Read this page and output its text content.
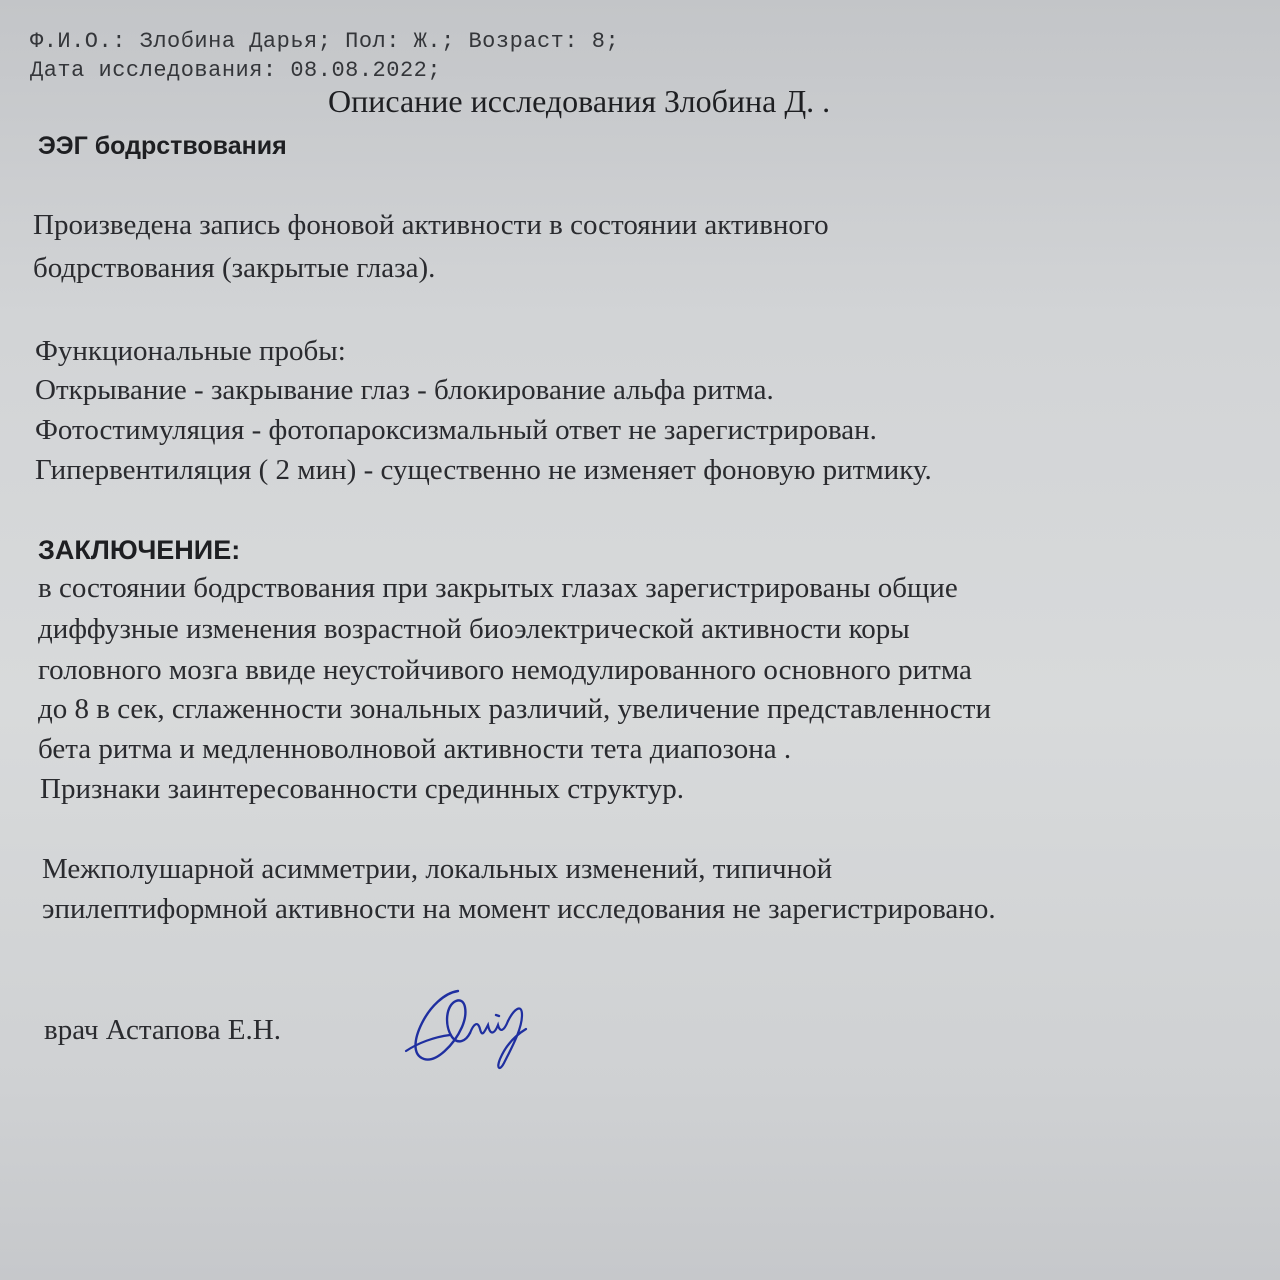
Ф.И.О.: Злобина Дарья; Пол: Ж.; Возраст: 8;
Дата исследования: 08.08.2022;
Описание исследования Злобина Д. .
ЭЭГ бодрствования
Произведена запись фоновой активности в состоянии активного
бодрствования (закрытые глаза).
Функциональные пробы:
Открывание - закрывание глаз - блокирование альфа ритма.
Фотостимуляция - фотопароксизмальный ответ не зарегистрирован.
Гипервентиляция ( 2 мин) - существенно не изменяет фоновую ритмику.
ЗАКЛЮЧЕНИЕ:
в состоянии бодрствования при закрытых глазах зарегистрированы общие
диффузные изменения возрастной биоэлектрической активности коры
головного мозга ввиде неустойчивого немодулированного основного ритма
до 8 в сек, сглаженности зональных различий, увеличение представленности
бета ритма и медленноволновой активности тета диапозона .
Признаки заинтересованности срединных структур.
Межполушарной асимметрии, локальных изменений, типичной
эпилептиформной активности на момент исследования не зарегистрировано.
врач Астапова Е.Н.
